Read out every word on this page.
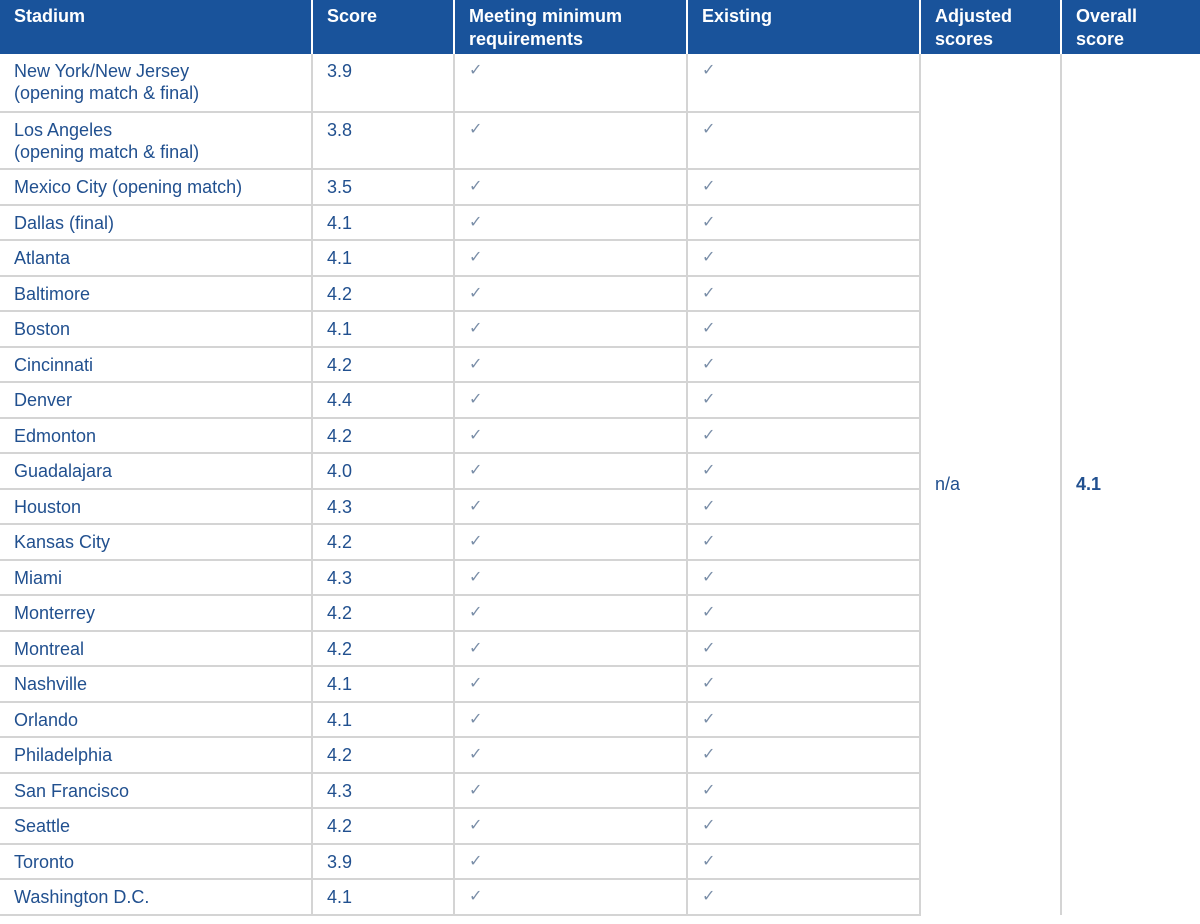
Stadium	Score	Meeting minimum requirements	Existing	Adjusted scores	Overall score

New York/New Jersey
(opening match & final)	3.9	✓	✓	n/a	4.1

Los Angeles
(opening match & final)	3.8	✓	✓		

Mexico City (opening match)	3.5	✓	✓		

Dallas (final)	4.1	✓	✓		

Atlanta	4.1	✓	✓		

Baltimore	4.2	✓	✓		

Boston	4.1	✓	✓		

Cincinnati	4.2	✓	✓		

Denver	4.4	✓	✓		

Edmonton	4.2	✓	✓		

Guadalajara	4.0	✓	✓		

Houston	4.3	✓	✓		

Kansas City	4.2	✓	✓		

Miami	4.3	✓	✓		

Monterrey	4.2	✓	✓		

Montreal	4.2	✓	✓		

Nashville	4.1	✓	✓		

Orlando	4.1	✓	✓		

Philadelphia	4.2	✓	✓		

San Francisco	4.3	✓	✓		

Seattle	4.2	✓	✓		

Toronto	3.9	✓	✓		

Washington D.C.	4.1	✓	✓		
